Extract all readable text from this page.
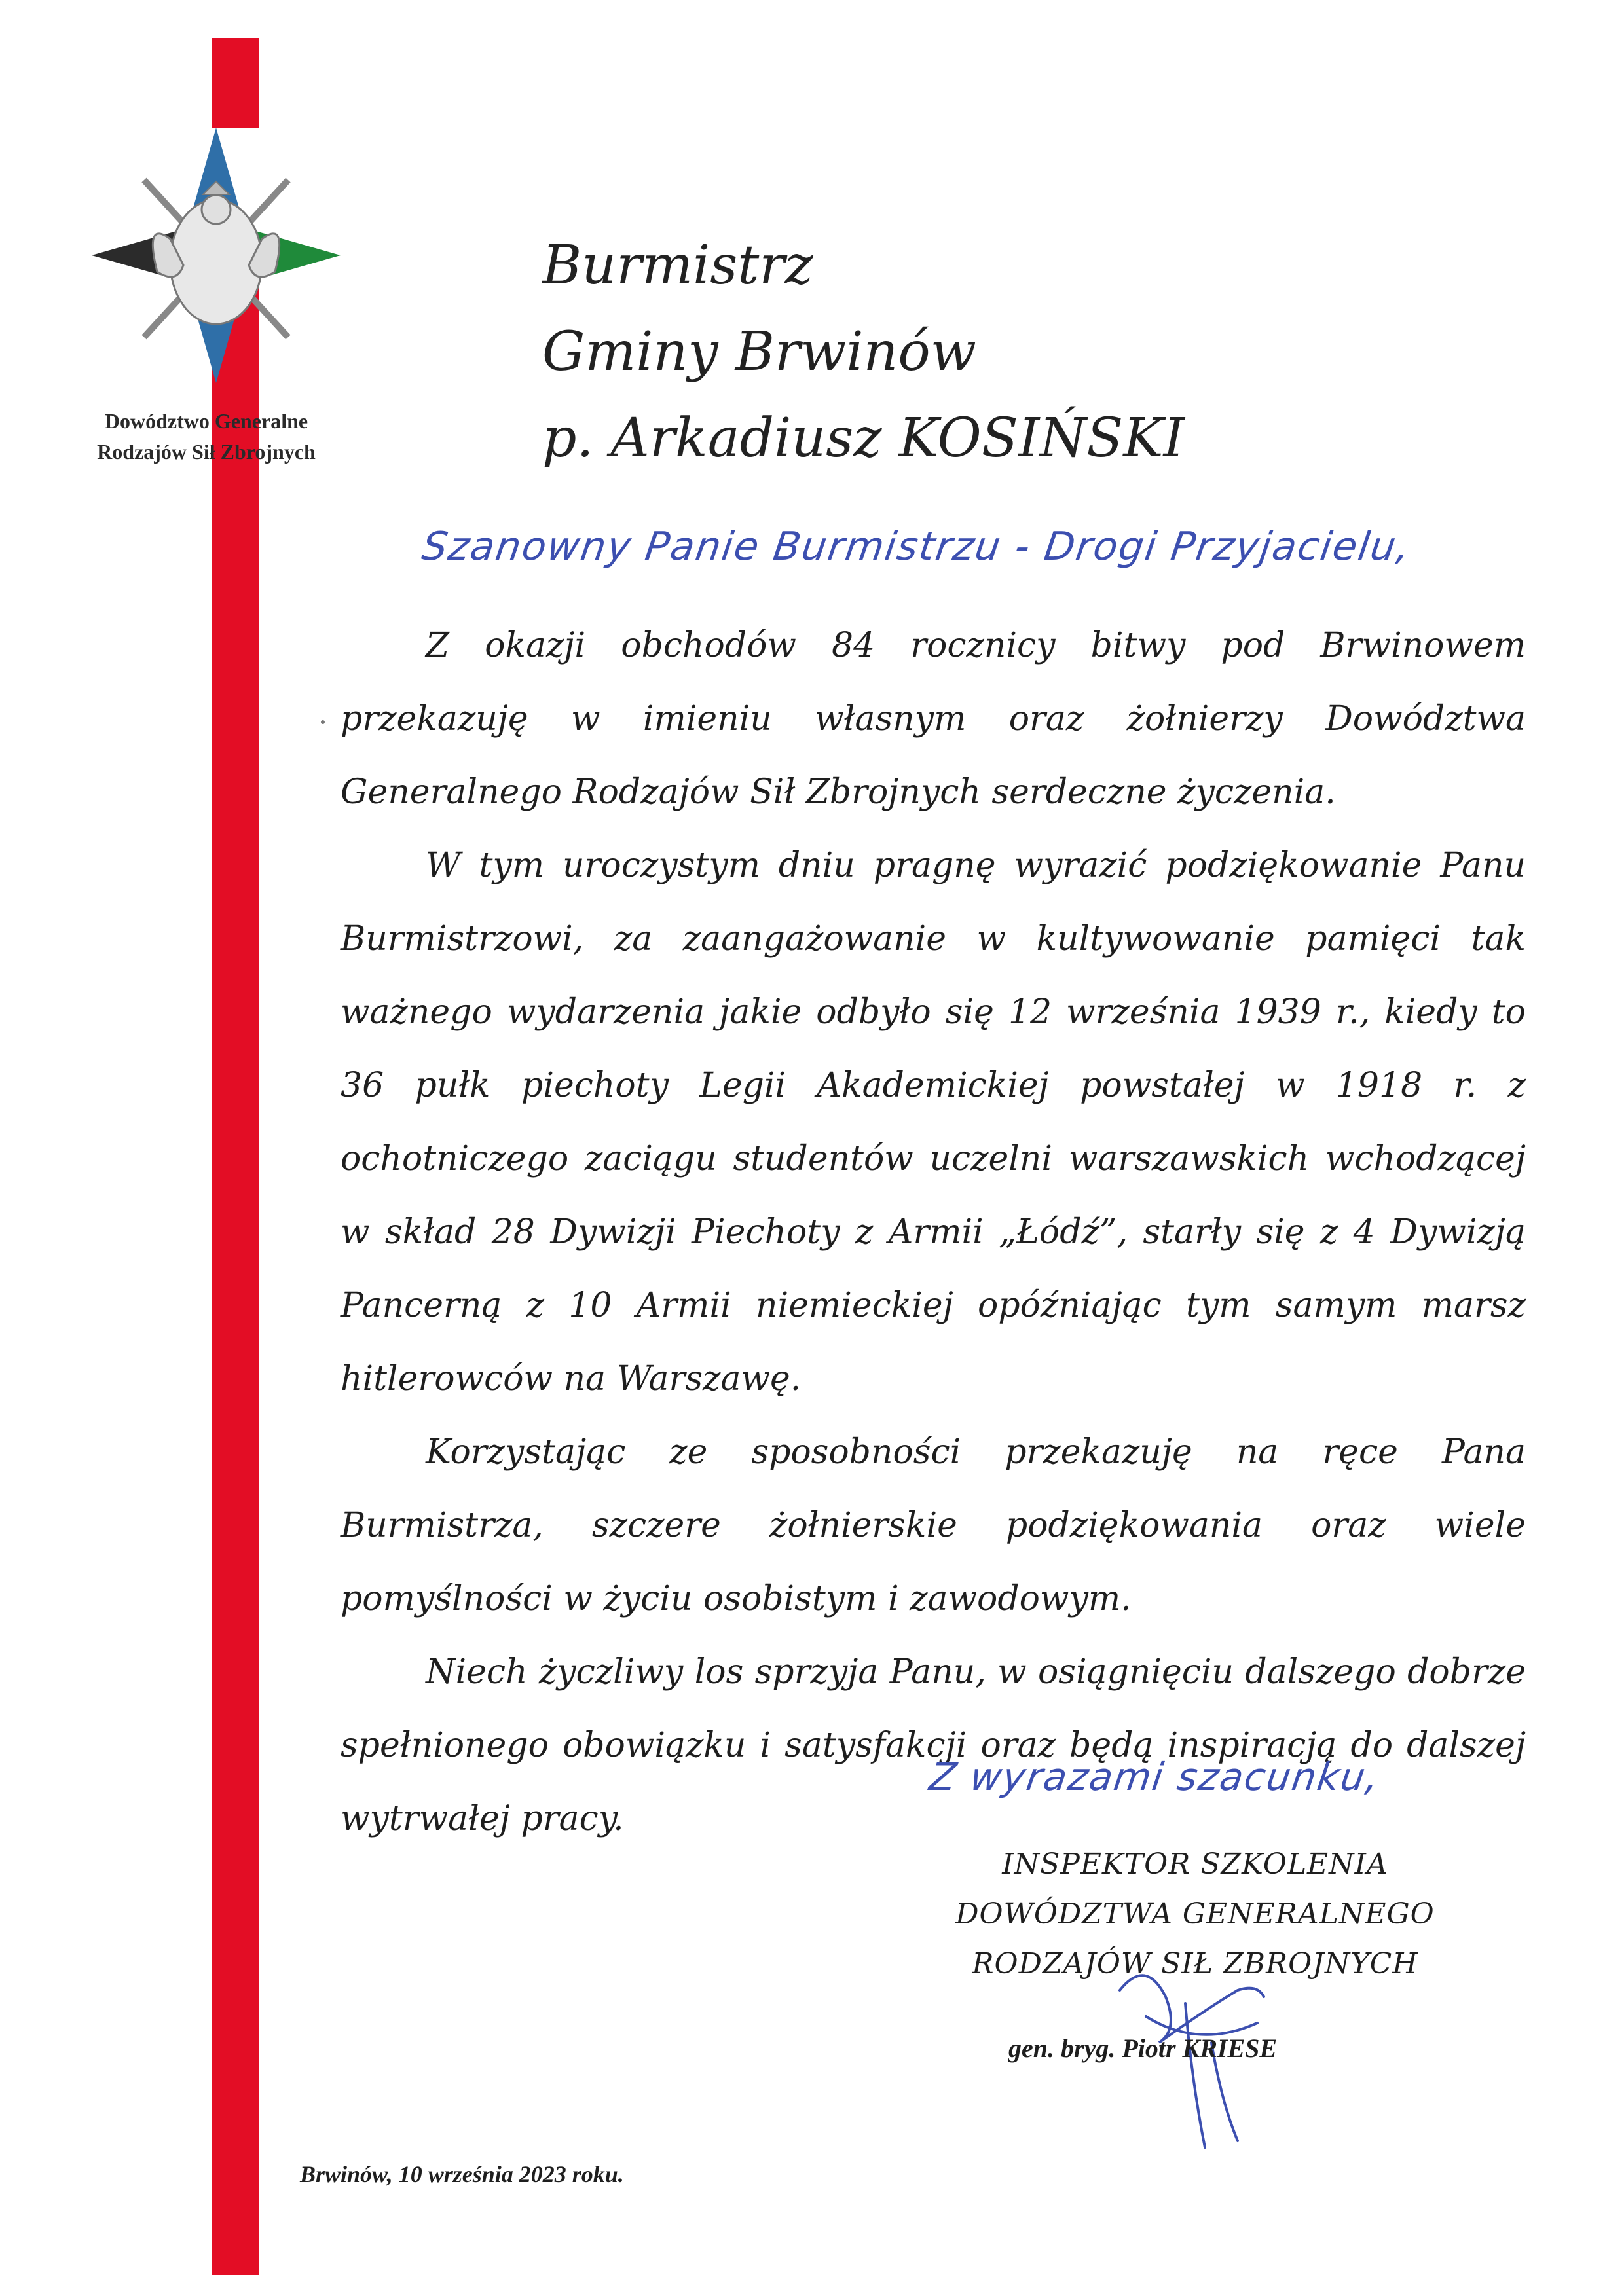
Dowództwo Generalne
Rodzajów Sił Zbrojnych
Burmistrz
Gminy Brwinów
p. Arkadiusz KOSIŃSKI
Szanowny Panie Burmistrzu - Drogi Przyjacielu,

Z okazji obchodów 84 rocznicy bitwy pod Brwinowem przekazuję w imieniu własnym oraz żołnierzy Dowództwa Generalnego Rodzajów Sił Zbrojnych serdeczne życzenia.

W tym uroczystym dniu pragnę wyrazić podziękowanie Panu Burmistrzowi, za zaangażowanie w kultywowanie pamięci tak ważnego wydarzenia jakie odbyło się 12 września 1939 r., kiedy to 36 pułk piechoty Legii Akademickiej powstałej w 1918 r. z ochotniczego zaciągu studentów uczelni warszawskich wchodzącej w skład 28 Dywizji Piechoty z Armii „Łódź”, starły się z 4 Dywizją Pancerną z 10 Armii niemieckiej opóźniając tym samym marsz hitlerowców na Warszawę.

Korzystając ze sposobności przekazuję na ręce Pana Burmistrza, szczere żołnierskie podziękowania oraz wiele pomyślności w życiu osobistym i zawodowym.

Niech życzliwy los sprzyja Panu, w osiągnięciu dalszego dobrze spełnionego obowiązku i satysfakcji oraz będą inspiracją do dalszej wytrwałej pracy.

Z wyrazami szacunku,
INSPEKTOR SZKOLENIA
DOWÓDZTWA GENERALNEGO
RODZAJÓW SIŁ ZBROJNYCH
gen. bryg. Piotr KRIESE
Brwinów, 10 września 2023 roku.
